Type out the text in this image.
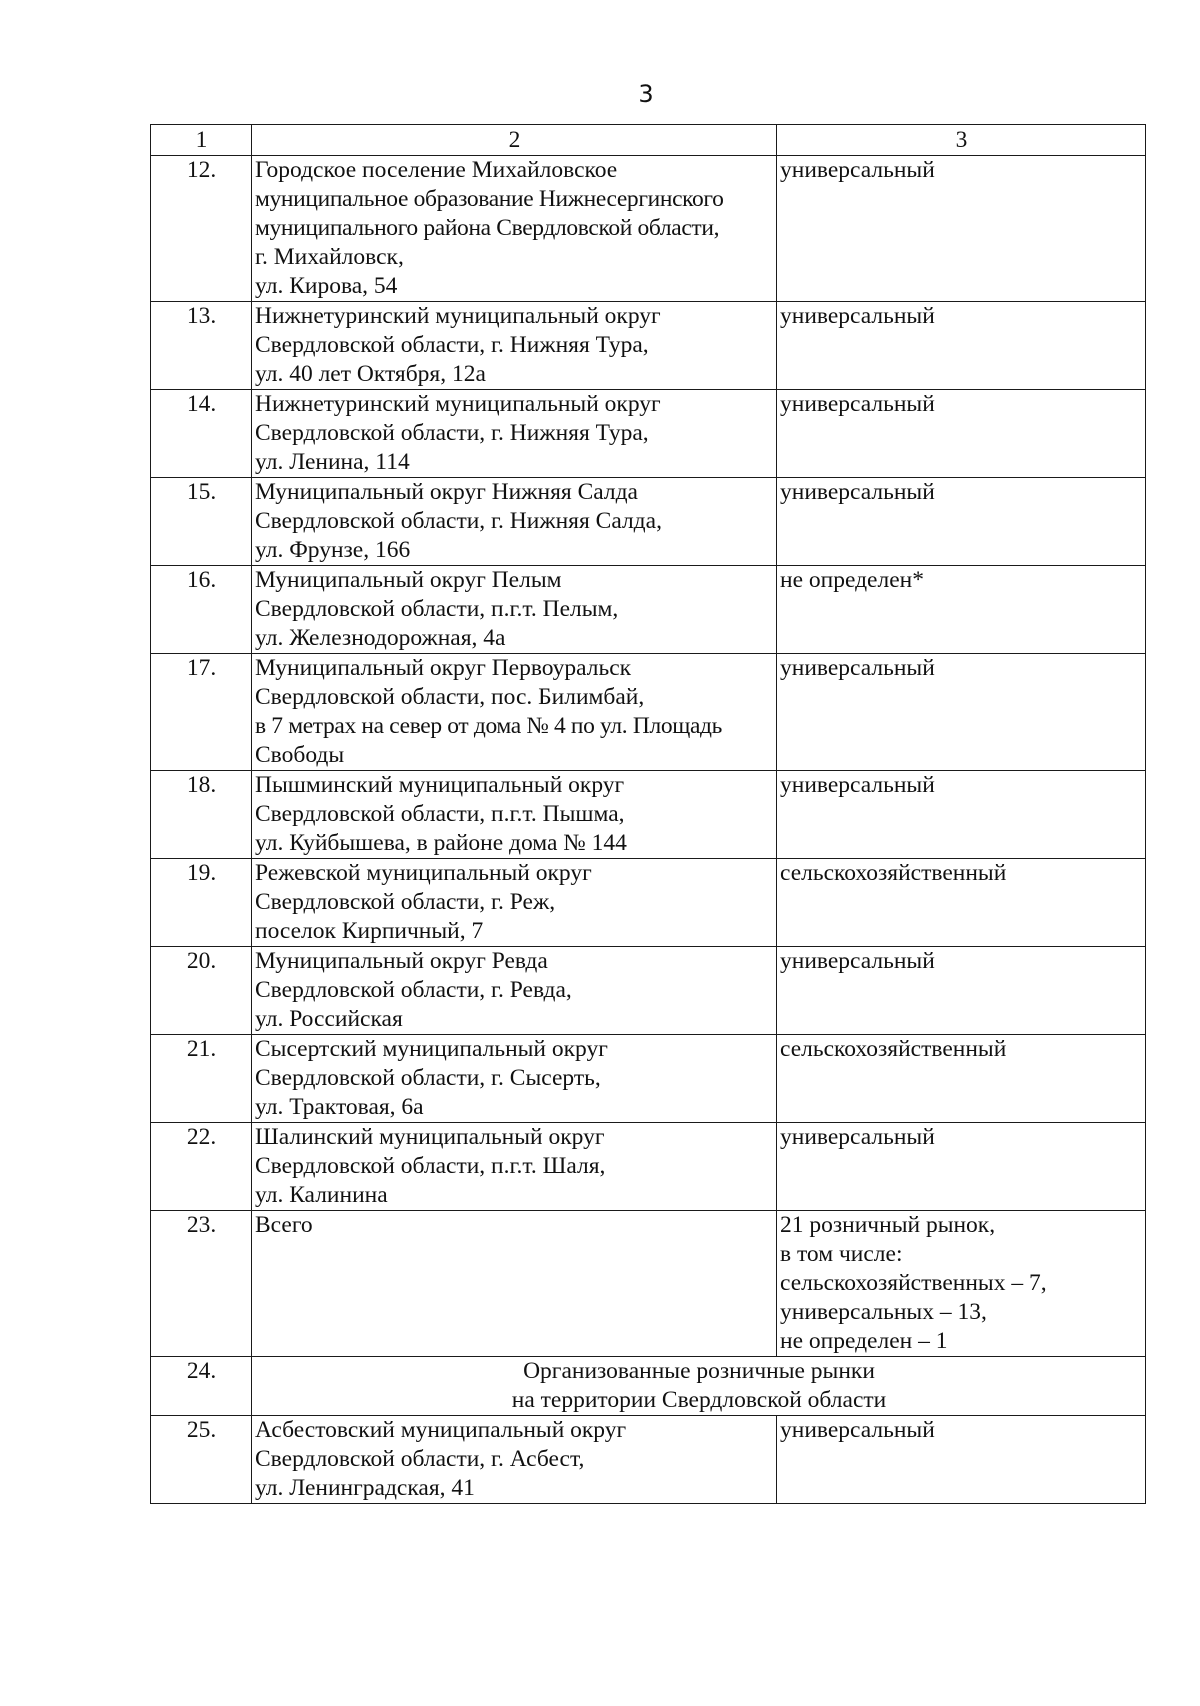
3
1	2	3
12.	Городское поселение Михайловское
муниципальное образование Нижнесергинского
муниципального района Свердловской области,
г. Михайловск,
ул. Кирова, 54	универсальный

13.	Нижнетуринский муниципальный округ
Свердловской области, г. Нижняя Тура,
ул. 40 лет Октября, 12а	универсальный

14.	Нижнетуринский муниципальный округ
Свердловской области, г. Нижняя Тура,
ул. Ленина, 114	универсальный

15.	Муниципальный округ Нижняя Салда
Свердловской области, г. Нижняя Салда,
ул. Фрунзе, 166	универсальный

16.	Муниципальный округ Пелым
Свердловской области, п.г.т. Пелым,
ул. Железнодорожная, 4а	не определен*

17.	Муниципальный округ Первоуральск
Свердловской области, пос. Билимбай,
в 7 метрах на север от дома № 4 по ул. Площадь
Свободы	универсальный

18.	Пышминский муниципальный округ
Свердловской области, п.г.т. Пышма,
ул. Куйбышева, в районе дома № 144	универсальный

19.	Режевской муниципальный округ
Свердловской области, г. Реж,
поселок Кирпичный, 7	сельскохозяйственный

20.	Муниципальный округ Ревда
Свердловской области, г. Ревда,
ул. Российская	универсальный

21.	Сысертский муниципальный округ
Свердловской области, г. Сысерть,
ул. Трактовая, 6а	сельскохозяйственный

22.	Шалинский муниципальный округ
Свердловской области, п.г.т. Шаля,
ул. Калинина	универсальный

23.	Всего	21 розничный рынок,
в том числе:
сельскохозяйственных – 7,
универсальных – 13,
не определен – 1

24.	Организованные розничные рынки
на территории Свердловской области	

25.	Асбестовский муниципальный округ
Свердловской области, г. Асбест,
ул. Ленинградская, 41	универсальный
